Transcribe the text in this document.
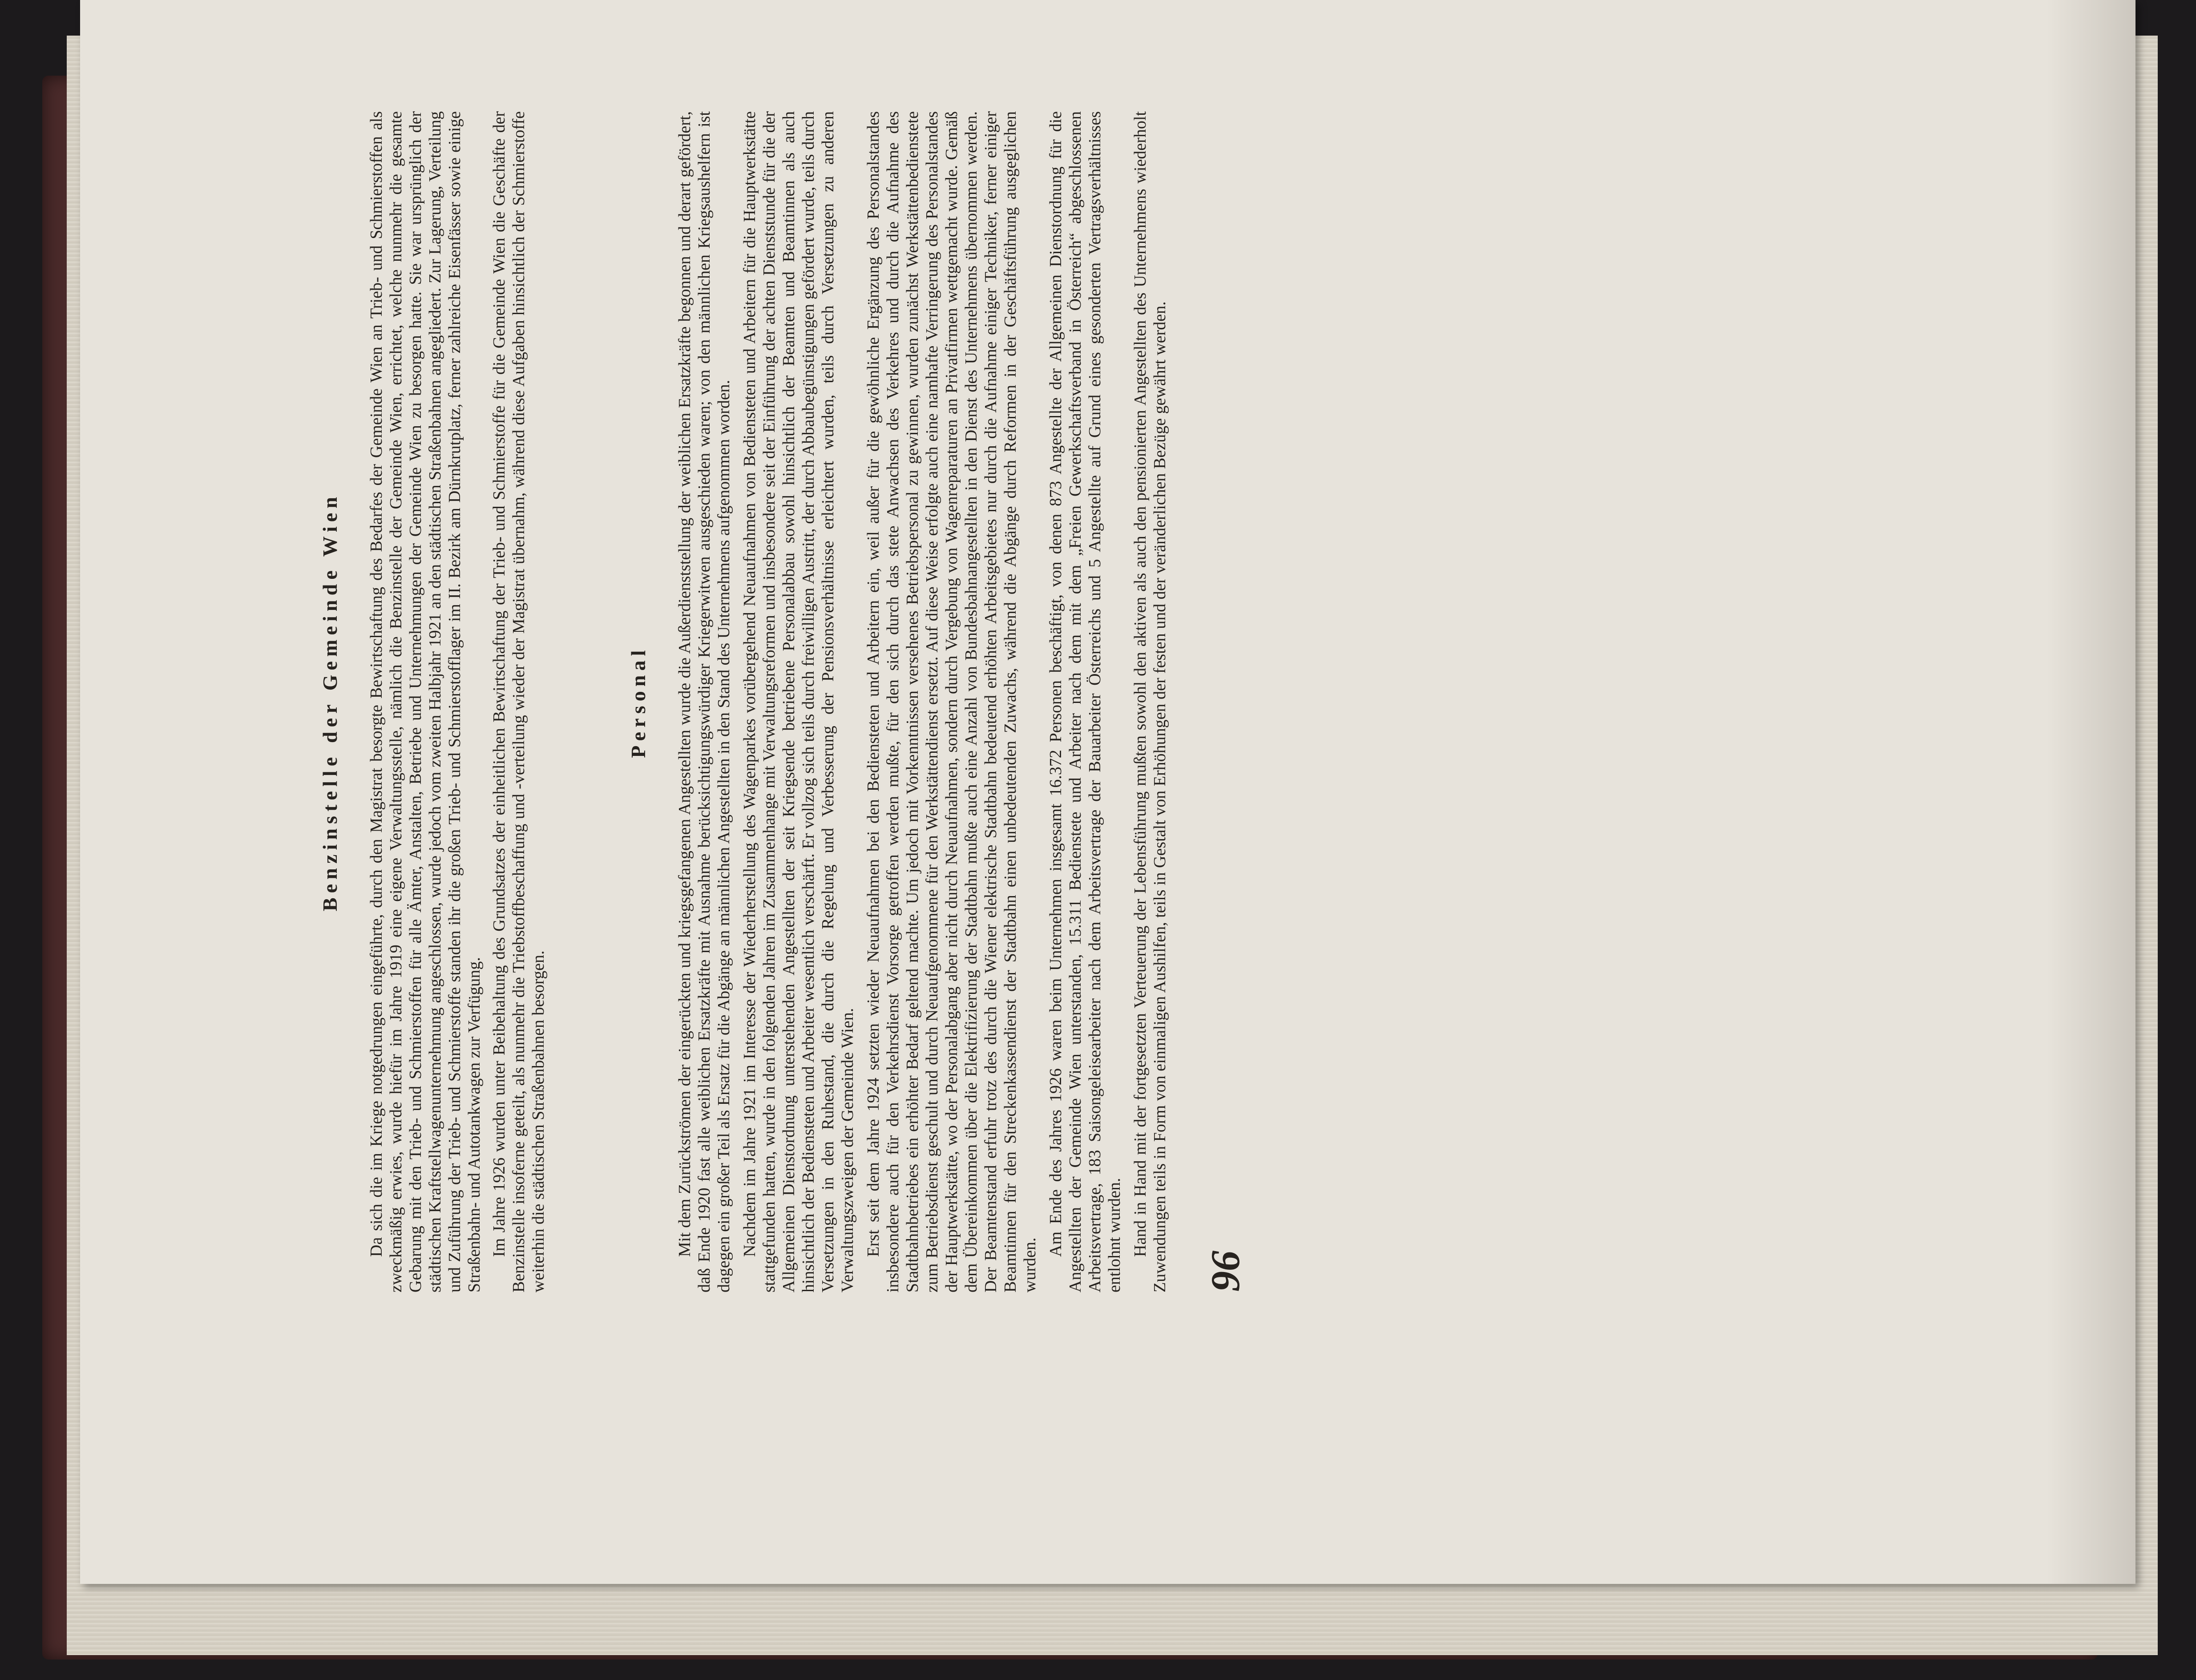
Benzinstelle der Gemeinde Wien Da sich die im Kriege notgedrungen eingeführte, durch den Magistrat besorgte Bewirtschaftung des Bedarfes der Gemeinde Wien an Trieb- und Schmierstoffen als zweckmäßig erwies, wurde hiefür im Jahre 1919 eine eigene Verwaltungsstelle, nämlich die Benzinstelle der Gemeinde Wien, errichtet, welche nunmehr die gesamte Gebarung mit den Trieb- und Schmierstoffen für alle Ämter, Anstalten, Betriebe und Unternehmungen der Gemeinde Wien zu besorgen hatte. Sie war ursprünglich der städtischen Kraftstellwagenunternehmung angeschlossen, wurde jedoch vom zweiten Halbjahr 1921 an den städtischen Straßenbahnen angegliedert. Zur Lagerung, Verteilung und Zuführung der Trieb- und Schmierstoffe standen ihr die großen Trieb- und Schmierstofflager im II. Bezirk am Dürnkrutplatz, ferner zahlreiche Eisenfässer sowie einige Straßenbahn- und Autotankwagen zur Verfügung. Im Jahre 1926 wurden unter Beibehaltung des Grundsatzes der einheitlichen Bewirtschaftung der Trieb- und Schmierstoffe für die Gemeinde Wien die Geschäfte der Benzinstelle insoferne geteilt, als nunmehr die Triebstoffbeschaffung und -verteilung wieder der Magistrat übernahm, während diese Aufgaben hinsichtlich der Schmierstoffe weiterhin die städtischen Straßenbahnen besorgen.

Personal Mit dem Zurückströmen der eingerückten und kriegsgefangenen Angestellten wurde die Außerdienststellung der weiblichen Ersatzkräfte begonnen und derart gefördert, daß Ende 1920 fast alle weiblichen Ersatzkräfte mit Ausnahme berücksichtigungswürdiger Kriegerwitwen ausgeschieden waren; von den männlichen Kriegsaushelfern ist dagegen ein großer Teil als Ersatz für die Abgänge an männlichen Angestellten in den Stand des Unternehmens aufgenommen worden. Nachdem im Jahre 1921 im Interesse der Wiederherstellung des Wagenparkes vorübergehend Neuaufnahmen von Bediensteten und Arbeitern für die Hauptwerkstätte stattgefunden hatten, wurde in den folgenden Jahren im Zusammenhange mit Verwaltungsreformen und insbesondere seit der Einführung der achten Dienststunde für die der Allgemeinen Dienstordnung unterstehenden Angestellten der seit Kriegsende betriebene Personalabbau sowohl hinsichtlich der Beamten und Beamtinnen als auch hinsichtlich der Bediensteten und Arbeiter wesentlich verschärft. Er vollzog sich teils durch freiwilligen Austritt, der durch Abbaubegünstigungen gefördert wurde, teils durch Versetzungen in den Ruhestand, die durch die Regelung und Verbesserung der Pensionsverhältnisse erleichtert wurden, teils durch Versetzungen zu anderen Verwaltungszweigen der Gemeinde Wien. Erst seit dem Jahre 1924 setzten wieder Neuaufnahmen bei den Bediensteten und Arbeitern ein, weil außer für die gewöhnliche Ergänzung des Personalstandes insbesondere auch für den Verkehrsdienst Vorsorge getroffen werden mußte, für den sich durch das stete Anwachsen des Verkehres und durch die Aufnahme des Stadtbahnbetriebes ein erhöhter Bedarf geltend machte. Um jedoch mit Vorkenntnissen versehenes Betriebspersonal zu gewinnen, wurden zunächst Werkstättenbedienstete zum Betriebsdienst geschult und durch Neuaufgenommene für den Werkstättendienst ersetzt. Auf diese Weise erfolgte auch eine namhafte Verringerung des Personalstandes der Hauptwerkstätte, wo der Personalabgang aber nicht durch Neuaufnahmen, sondern durch Vergebung von Wagenreparaturen an Privatfirmen wettgemacht wurde. Gemäß dem Übereinkommen über die Elektrifizierung der Stadtbahn mußte auch eine Anzahl von Bundesbahnangestellten in den Dienst des Unternehmens übernommen werden. Der Beamtenstand erfuhr trotz des durch die Wiener elektrische Stadtbahn bedeutend erhöhten Arbeitsgebietes nur durch die Aufnahme einiger Techniker, ferner einiger Beamtinnen für den Streckenkassendienst der Stadtbahn einen unbedeutenden Zuwachs, während die Abgänge durch Reformen in der Geschäftsführung ausgeglichen wurden.

Am Ende des Jahres 1926 waren beim Unternehmen insgesamt 16.372 Personen beschäftigt, von denen 873 Angestellte der Allgemeinen Dienstordnung für die Angestellten der Gemeinde Wien unterstanden, 15.311 Bedienstete und Arbeiter nach dem mit dem „Freien Gewerkschaftsverband in Österreich“ abgeschlossenen Arbeitsvertrage, 183 Saisongeleisearbeiter nach dem Arbeitsvertrage der Bauarbeiter Österreichs und 5 Angestellte auf Grund eines gesonderten Vertragsverhältnisses entlohnt wurden. Hand in Hand mit der fortgesetzten Verteuerung der Lebensführung mußten sowohl den aktiven als auch den pensionierten Angestellten des Unternehmens wiederholt Zuwendungen teils in Form von einmaligen Aushilfen, teils in Gestalt von Erhöhungen der festen und der veränderlichen Bezüge gewährt werden. 96
